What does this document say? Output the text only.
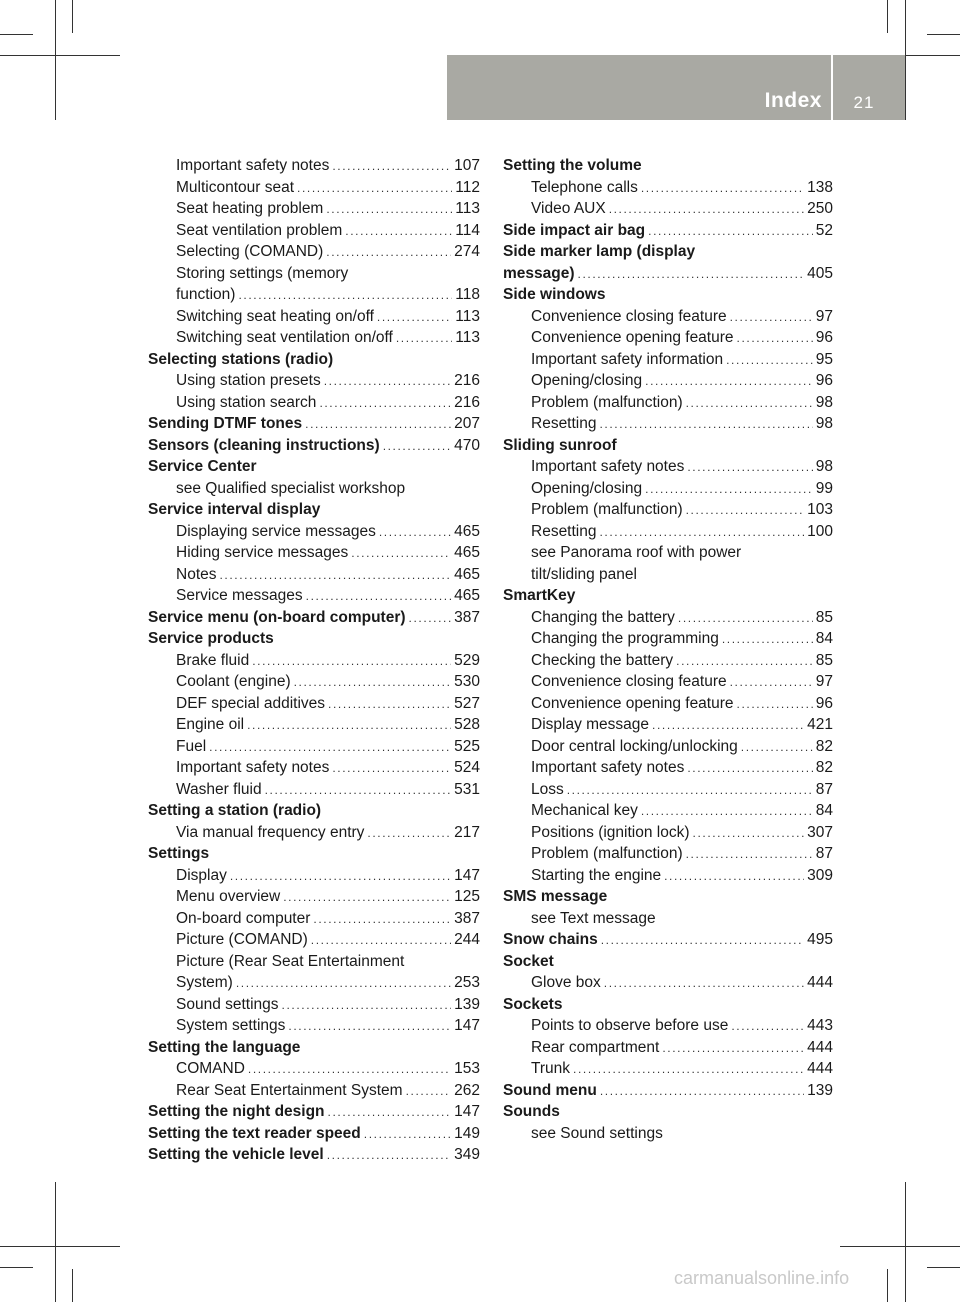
Index	21
Important safety notes .....	107
Multicontour seat .....	112
Seat heating problem .....	113
Seat ventilation problem .....	114
Selecting (COMAND) .....	274
Storing settings (memory
function) .....	118
Switching seat heating on/off .....	113
Switching seat ventilation on/off .....	113
Selecting stations (radio)
Using station presets .....	216
Using station search .....	216
Sending DTMF tones .....	207
Sensors (cleaning instructions) .....	470
Service Center
see Qualified specialist workshop
Service interval display
Displaying service messages .....	465
Hiding service messages .....	465
Notes .....	465
Service messages .....	465
Service menu (on-board computer) .....	387
Service products
Brake fluid .....	529
Coolant (engine) .....	530
DEF special additives .....	527
Engine oil .....	528
Fuel .....	525
Important safety notes .....	524
Washer fluid .....	531
Setting a station (radio)
Via manual frequency entry .....	217
Settings
Display .....	147
Menu overview .....	125
On-board computer .....	387
Picture (COMAND) .....	244
Picture (Rear Seat Entertainment
System) .....	253
Sound settings .....	139
System settings .....	147
Setting the language
COMAND .....	153
Rear Seat Entertainment System .....	262
Setting the night design .....	147
Setting the text reader speed .....	149
Setting the vehicle level .....	349
Setting the volume
Telephone calls .....	138
Video AUX .....	250
Side impact air bag .....	52
Side marker lamp (display
message) .....	405
Side windows
Convenience closing feature .....	97
Convenience opening feature .....	96
Important safety information .....	95
Opening/closing .....	96
Problem (malfunction) .....	98
Resetting .....	98
Sliding sunroof
Important safety notes .....	98
Opening/closing .....	99
Problem (malfunction) .....	103
Resetting .....	100
see Panorama roof with power
tilt/sliding panel
SmartKey
Changing the battery .....	85
Changing the programming .....	84
Checking the battery .....	85
Convenience closing feature .....	97
Convenience opening feature .....	96
Display message .....	421
Door central locking/unlocking .....	82
Important safety notes .....	82
Loss .....	87
Mechanical key .....	84
Positions (ignition lock) .....	307
Problem (malfunction) .....	87
Starting the engine .....	309
SMS message
see Text message
Snow chains .....	495
Socket
Glove box .....	444
Sockets
Points to observe before use .....	443
Rear compartment .....	444
Trunk .....	444
Sound menu .....	139
Sounds
see Sound settings
carmanualsonline.info
